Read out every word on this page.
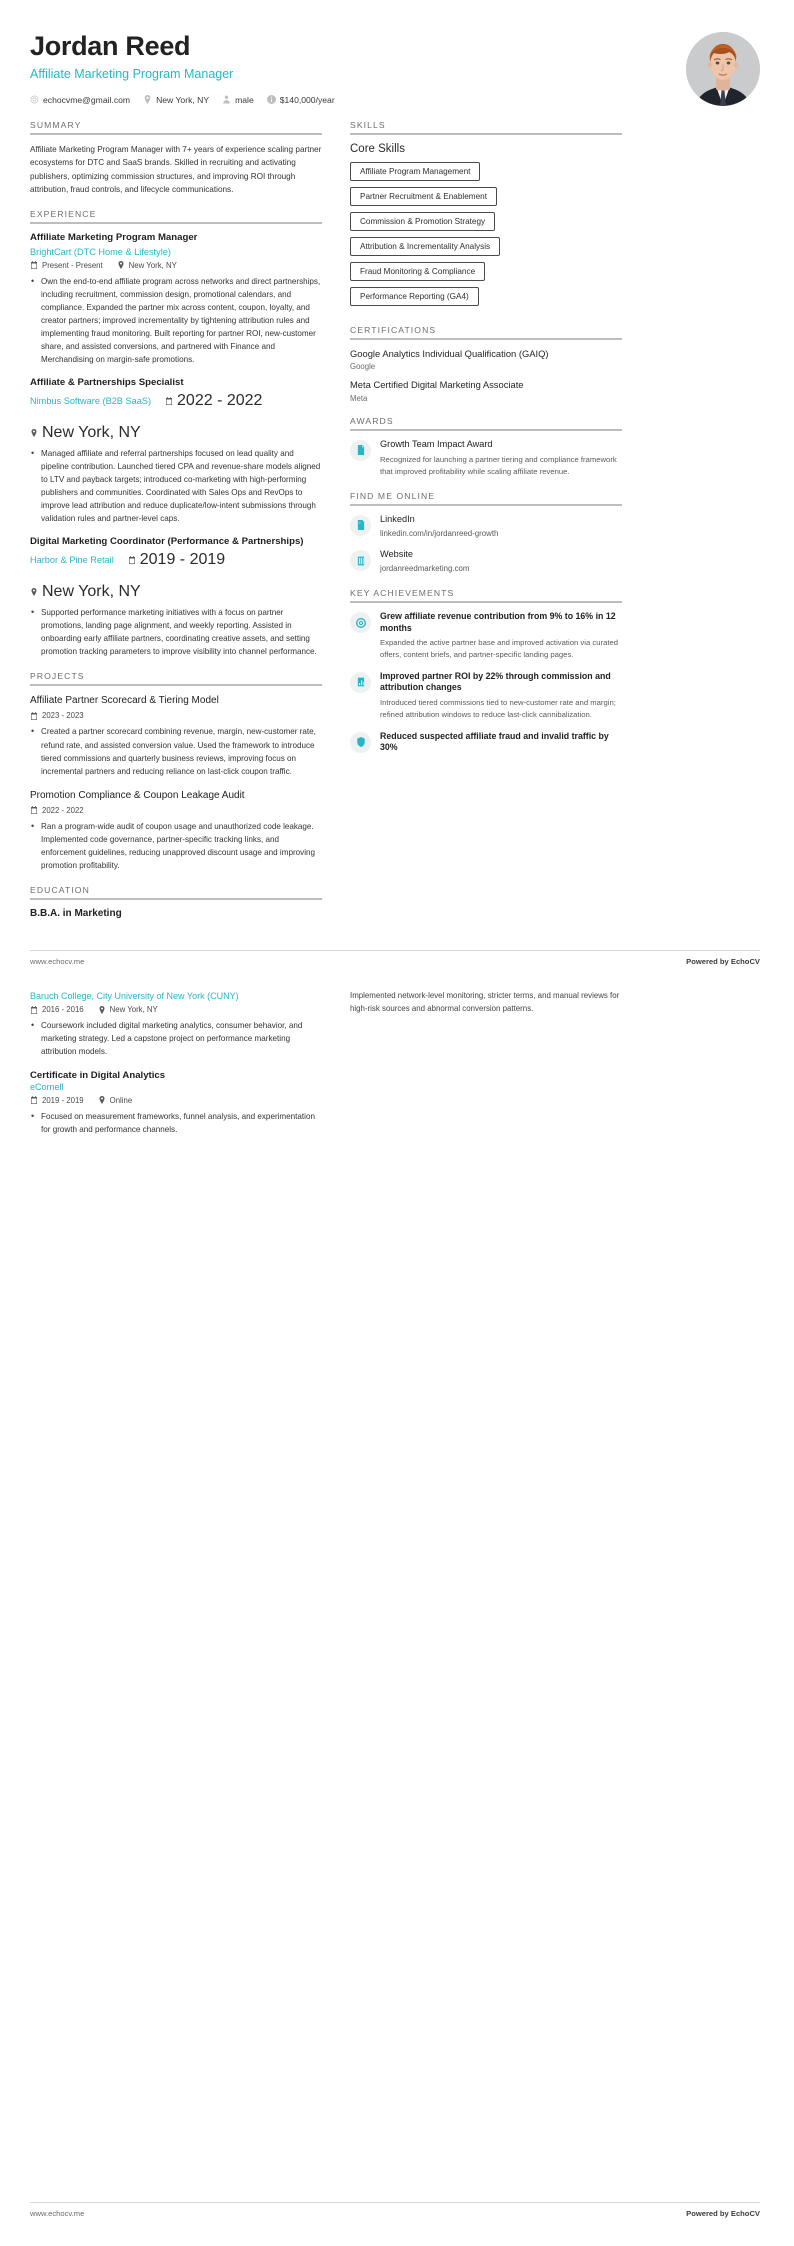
Jordan Reed
Affiliate Marketing Program Manager
echocvme@gmail.com	New York, NY	male	$140,000/year
SUMMARY
Affiliate Marketing Program Manager with 7+ years of experience scaling partner ecosystems for DTC and SaaS brands. Skilled in recruiting and activating publishers, optimizing commission structures, and improving ROI through attribution, fraud controls, and lifecycle communications.
EXPERIENCE
Affiliate Marketing Program Manager
BrightCart (DTC Home & Lifestyle)
Present - Present	New York, NY
• Own the end-to-end affiliate program across networks and direct partnerships, including recruitment, commission design, promotional calendars, and compliance. Expanded the partner mix across content, coupon, loyalty, and creator partners; improved incrementality by tightening attribution rules and implementing fraud monitoring. Built reporting for partner ROI, new-customer share, and assisted conversions, and partnered with Finance and Merchandising on margin-safe promotions.
Affiliate & Partnerships Specialist
Nimbus Software (B2B SaaS) 2022 - 2022
New York, NY
• Managed affiliate and referral partnerships focused on lead quality and pipeline contribution. Launched tiered CPA and revenue-share models aligned to LTV and payback targets; introduced co-marketing with high-performing publishers and communities. Coordinated with Sales Ops and RevOps to improve lead attribution and reduce duplicate/low-intent submissions through validation rules and partner-level caps.
Digital Marketing Coordinator (Performance & Partnerships)
Harbor & Pine Retail 2019 - 2019
New York, NY
• Supported performance marketing initiatives with a focus on partner promotions, landing page alignment, and weekly reporting. Assisted in onboarding early affiliate partners, coordinating creative assets, and setting promotion tracking parameters to improve visibility into channel performance.
PROJECTS
Affiliate Partner Scorecard & Tiering Model
2023 - 2023
• Created a partner scorecard combining revenue, margin, new-customer rate, refund rate, and assisted conversion value. Used the framework to introduce tiered commissions and quarterly business reviews, improving focus on incremental partners and reducing reliance on last-click coupon traffic.
Promotion Compliance & Coupon Leakage Audit
2022 - 2022
• Ran a program-wide audit of coupon usage and unauthorized code leakage. Implemented code governance, partner-specific tracking links, and enforcement guidelines, reducing unapproved discount usage and improving promotion profitability.
EDUCATION
B.B.A. in Marketing
SKILLS
Core Skills
Affiliate Program Management
Partner Recruitment & Enablement
Commission & Promotion Strategy
Attribution & Incrementality Analysis
Fraud Monitoring & Compliance
Performance Reporting (GA4)
CERTIFICATIONS
Google Analytics Individual Qualification (GAIQ)
Google
Meta Certified Digital Marketing Associate
Meta
AWARDS
Growth Team Impact Award
Recognized for launching a partner tiering and compliance framework that improved profitability while scaling affiliate revenue.
FIND ME ONLINE
LinkedIn
linkedin.com/in/jordanreed-growth
Website
jordanreedmarketing.com
KEY ACHIEVEMENTS
Grew affiliate revenue contribution from 9% to 16% in 12 months
Expanded the active partner base and improved activation via curated offers, content briefs, and partner-specific landing pages.
Improved partner ROI by 22% through commission and attribution changes
Introduced tiered commissions tied to new-customer rate and margin; refined attribution windows to reduce last-click cannibalization.
Reduced suspected affiliate fraud and invalid traffic by 30%
www.echocv.me	Powered by EchoCV
Baruch College, City University of New York (CUNY)
2016 - 2016	New York, NY
• Coursework included digital marketing analytics, consumer behavior, and marketing strategy. Led a capstone project on performance marketing attribution models.
Certificate in Digital Analytics
eCornell
2019 - 2019	Online
• Focused on measurement frameworks, funnel analysis, and experimentation for growth and performance channels.
Implemented network-level monitoring, stricter terms, and manual reviews for high-risk sources and abnormal conversion patterns.
www.echocv.me	Powered by EchoCV
